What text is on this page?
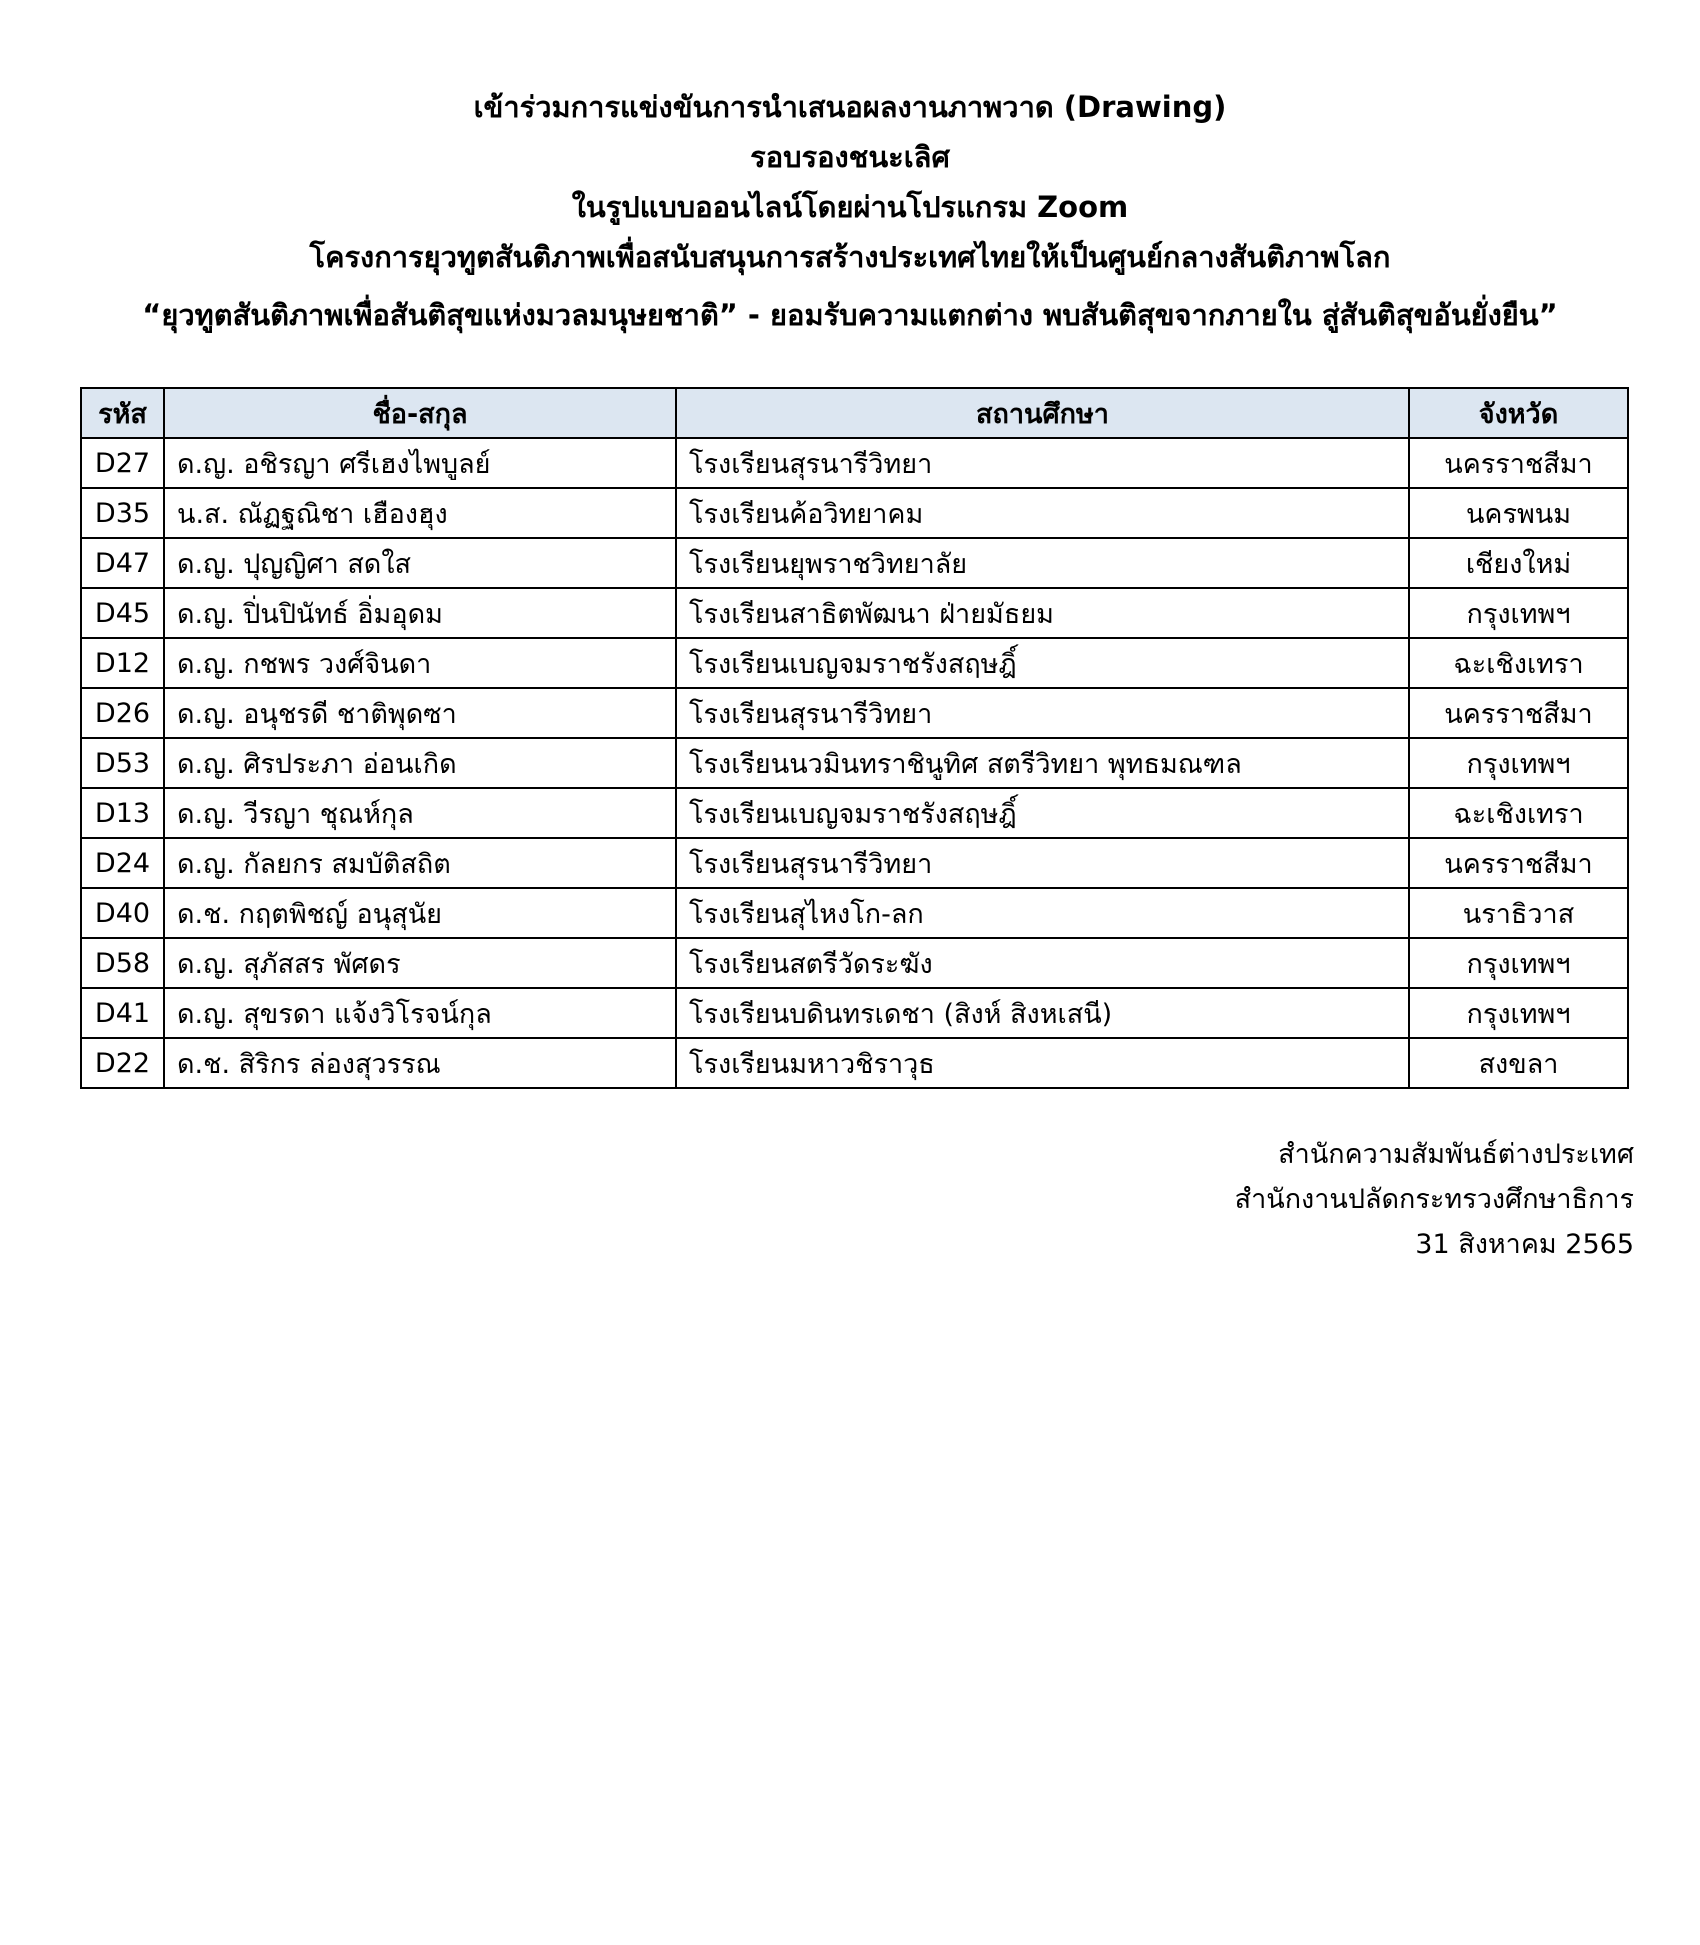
เข้าร่วมการแข่งขันการนำเสนอผลงานภาพวาด (Drawing)
รอบรองชนะเลิศ
ในรูปแบบออนไลน์โดยผ่านโปรแกรม Zoom
โครงการยุวทูตสันติภาพเพื่อสนับสนุนการสร้างประเทศไทยให้เป็นศูนย์กลางสันติภาพโลก
“ยุวทูตสันติภาพเพื่อสันติสุขแห่งมวลมนุษยชาติ” - ยอมรับความแตกต่าง พบสันติสุขจากภายใน สู่สันติสุขอันยั่งยืน”
รหัส	ชื่อ-สกุล	สถานศึกษา	จังหวัด
D27	ด.ญ. อชิรญา ศรีเฮงไพบูลย์	โรงเรียนสุรนารีวิทยา	นครราชสีมา
D35	น.ส. ณัฏฐณิชา เฮืองฮุง	โรงเรียนค้อวิทยาคม	นครพนม
D47	ด.ญ. ปุญญิศา สดใส	โรงเรียนยุพราชวิทยาลัย	เชียงใหม่
D45	ด.ญ. ปิ่นปินัทธ์ อิ่มอุดม	โรงเรียนสาธิตพัฒนา ฝ่ายมัธยม	กรุงเทพฯ
D12	ด.ญ. กชพร วงศ์จินดา	โรงเรียนเบญจมราชรังสฤษฎิ์	ฉะเชิงเทรา
D26	ด.ญ. อนุชรดี ชาติพุดซา	โรงเรียนสุรนารีวิทยา	นครราชสีมา
D53	ด.ญ. ศิรประภา อ่อนเกิด	โรงเรียนนวมินทราชินูทิศ สตรีวิทยา พุทธมณฑล	กรุงเทพฯ
D13	ด.ญ. วีรญา ชุณห์กุล	โรงเรียนเบญจมราชรังสฤษฎิ์	ฉะเชิงเทรา
D24	ด.ญ. กัลยกร สมบัติสถิต	โรงเรียนสุรนารีวิทยา	นครราชสีมา
D40	ด.ช. กฤตพิชญ์ อนุสุนัย	โรงเรียนสุไหงโก-ลก	นราธิวาส
D58	ด.ญ. สุภัสสร พัศดร	โรงเรียนสตรีวัดระฆัง	กรุงเทพฯ
D41	ด.ญ. สุขรดา แจ้งวิโรจน์กุล	โรงเรียนบดินทรเดชา (สิงห์ สิงหเสนี)	กรุงเทพฯ
D22	ด.ช. สิริกร ล่องสุวรรณ	โรงเรียนมหาวชิราวุธ	สงขลา
สำนักความสัมพันธ์ต่างประเทศ
สำนักงานปลัดกระทรวงศึกษาธิการ
31 สิงหาคม 2565
